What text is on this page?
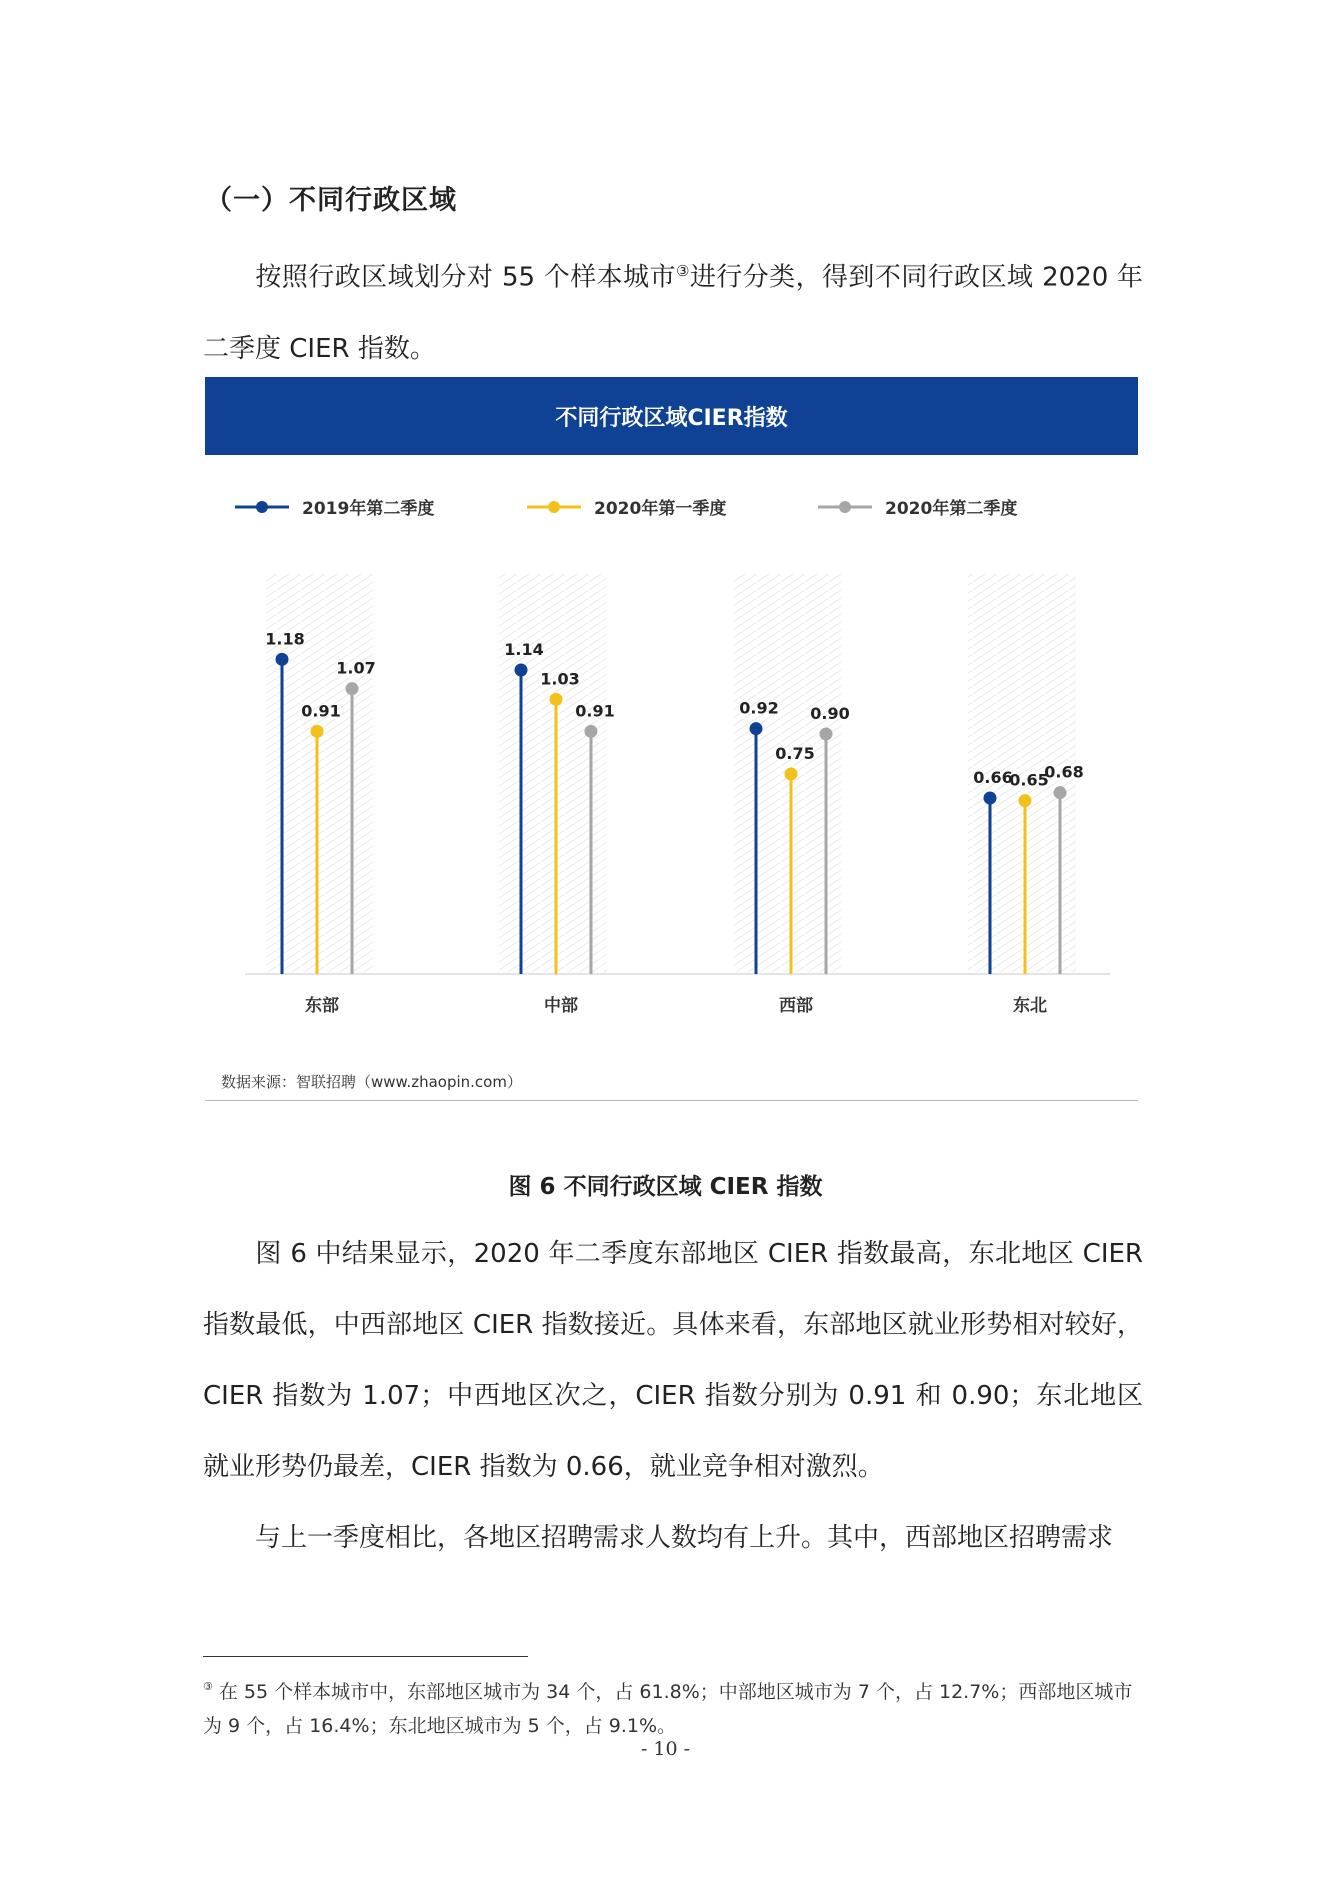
（一）不同行政区域
按照行政区域划分对 55 个样本城市③进行分类，得到不同行政区域 2020 年二季度 CIER 指数。
不同行政区域CIER指数
2019年第二季度	2020年第一季度	2020年第二季度
1.18
0.91
1.07
1.14
1.03
0.91	0.92
0.75
0.90
0.66
0.65
0.68
东部	中部	西部	东北
数据来源：智联招聘（www.zhaopin.com）
图 6 不同行政区域 CIER 指数
图 6 中结果显示，2020 年二季度东部地区 CIER 指数最高，东北地区 CIER 指数最低，中西部地区 CIER 指数接近。具体来看，东部地区就业形势相对较好，CIER 指数为 1.07；中西地区次之，CIER 指数分别为 0.91 和 0.90；东北地区就业形势仍最差，CIER 指数为 0.66，就业竞争相对激烈。
与上一季度相比，各地区招聘需求人数均有上升。其中，西部地区招聘需求
③ 在 55 个样本城市中，东部地区城市为 34 个，占 61.8%；中部地区城市为 7 个，占 12.7%；西部地区城市为 9 个，占 16.4%；东北地区城市为 5 个，占 9.1%。
- 10 -
